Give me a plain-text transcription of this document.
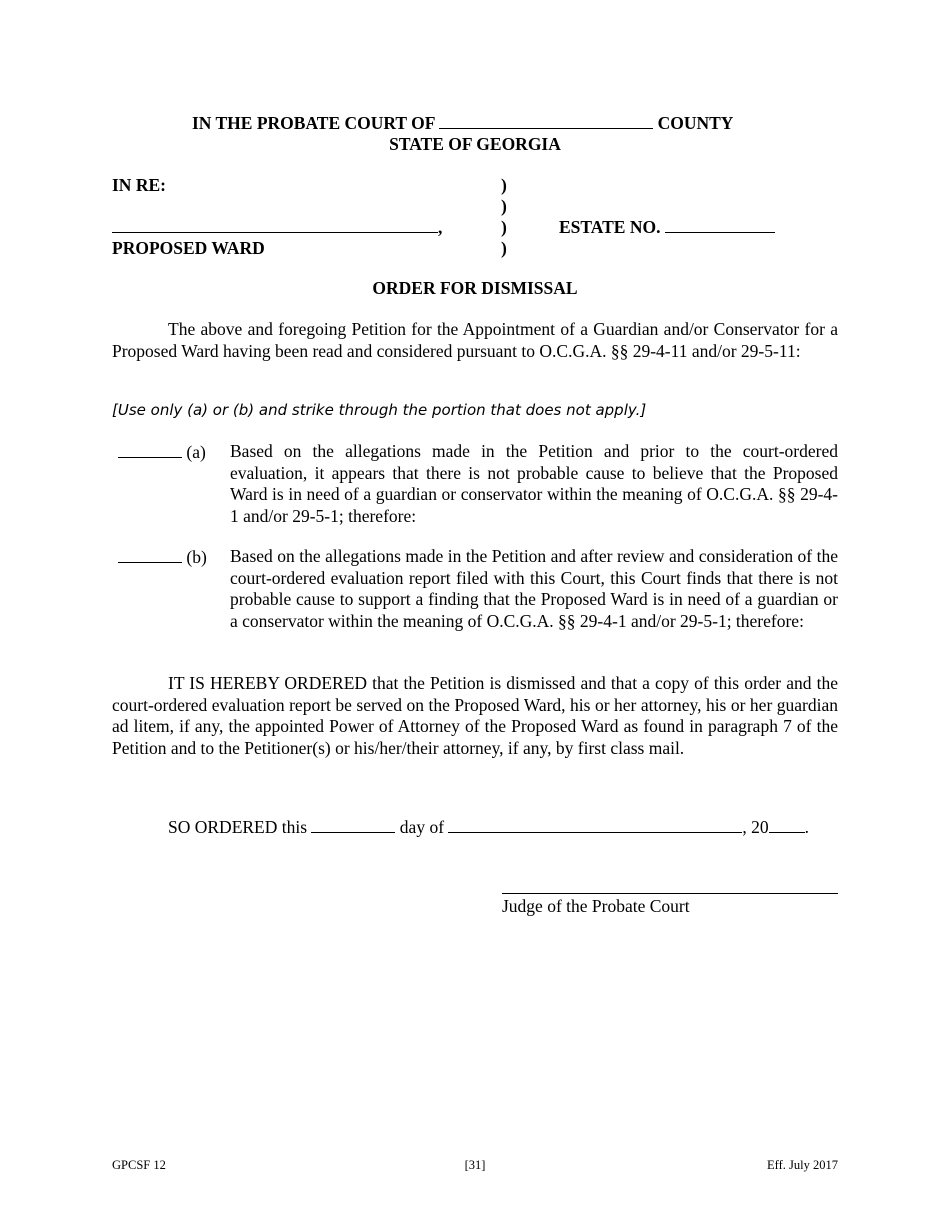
IN THE PROBATE COURT OF	COUNTY
STATE OF GEORGIA
IN RE:
,
PROPOSED WARD
)
)
)
)
ESTATE NO.
ORDER FOR DISMISSAL
The above and foregoing Petition for the Appointment of a Guardian and/or Conservator for a Proposed Ward having been read and considered pursuant to O.C.G.A. §§ 29-4-11 and/or 29-5-11:
[Use only (a) or (b) and strike through the portion that does not apply.]
(a) Based on the allegations made in the Petition and prior to the court-ordered evaluation, it appears that there is not probable cause to believe that the Proposed Ward is in need of a guardian or conservator within the meaning of O.C.G.A. §§ 29-4-1 and/or 29-5-1; therefore:
(b) Based on the allegations made in the Petition and after review and consideration of the court-ordered evaluation report filed with this Court, this Court finds that there is not probable cause to support a finding that the Proposed Ward is in need of a guardian or a conservator within the meaning of O.C.G.A. §§ 29-4-1 and/or 29-5-1; therefore:
IT IS HEREBY ORDERED that the Petition is dismissed and that a copy of this order and the court-ordered evaluation report be served on the Proposed Ward, his or her attorney, his or her guardian ad litem, if any, the appointed Power of Attorney of the Proposed Ward as found in paragraph 7 of the Petition and to the Petitioner(s) or his/her/their attorney, if any, by first class mail.
SO ORDERED this	day of	, 20 .
Judge of the Probate Court
GPCSF 12	[31]	Eff. July 2017
